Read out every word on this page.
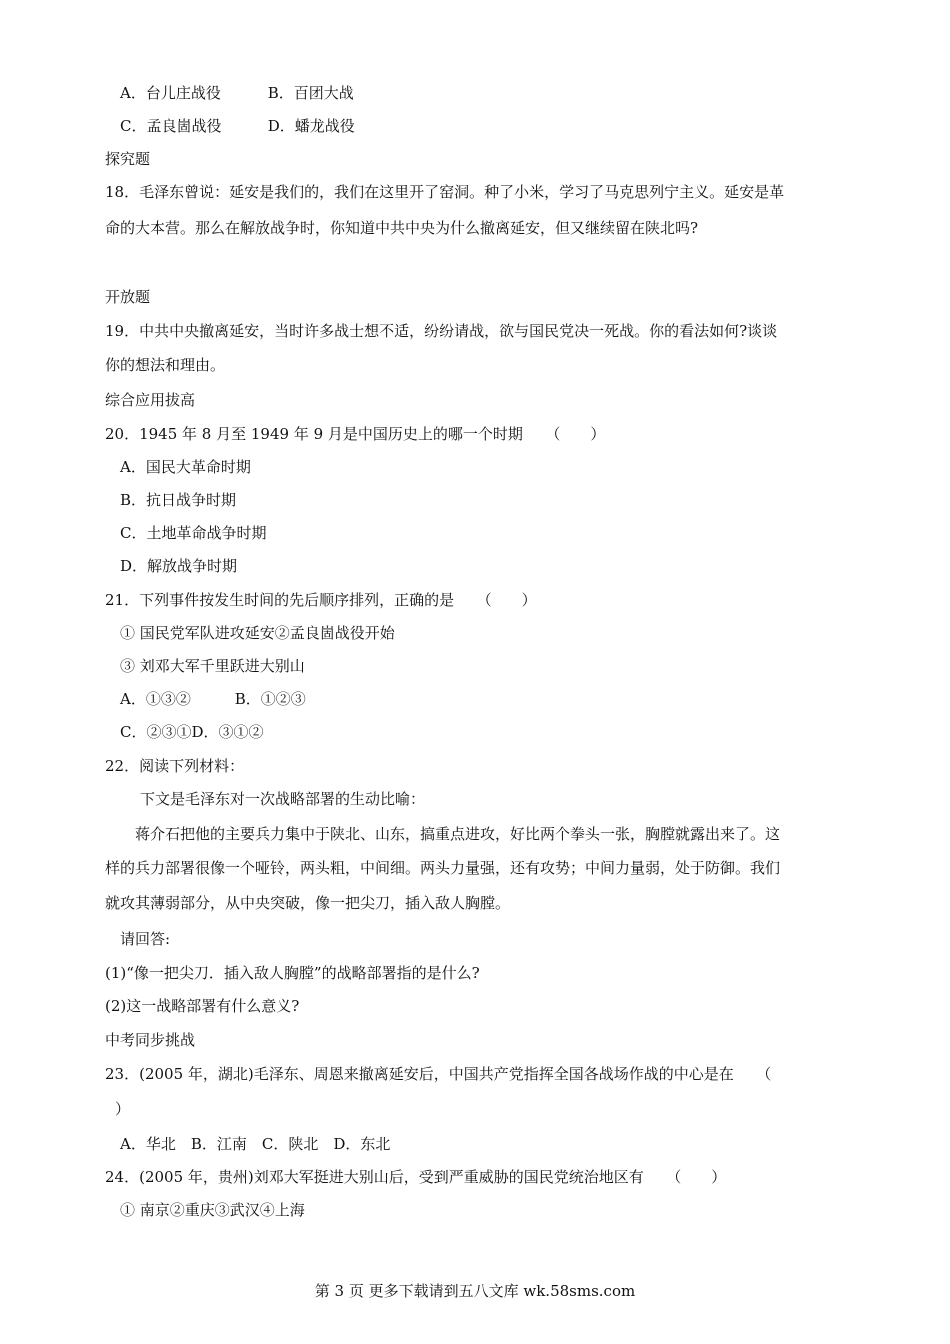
A．台儿庄战役	B．百团大战
C．孟良崮战役	D．蟠龙战役
探究题
18．毛泽东曾说：延安是我们的，我们在这里开了窑洞。种了小米，学习了马克思列宁主义。延安是革
命的大本营。那么在解放战争时，你知道中共中央为什么撤离延安，但又继续留在陕北吗?
开放题
19．中共中央撤离延安，当时许多战士想不适，纷纷请战，欲与国民党决一死战。你的看法如何?谈谈
你的想法和理由。
综合应用拔高
20．1945 年 8 月至 1949 年 9 月是中国历史上的哪一个时期　　（　　）
A．国民大革命时期
B．抗日战争时期
C．土地革命战争时期
D．解放战争时期
21．下列事件按发生时间的先后顺序排列，正确的是　　（　　）
① 国民党军队进攻延安②孟良崮战役开始
③ 刘邓大军千里跃进大别山
A．①③②	B．①②③
C．②③①D．③①②
22．阅读下列材料：
下文是毛泽东对一次战略部署的生动比喻：
蒋介石把他的主要兵力集中于陕北、山东，搞重点进攻，好比两个拳头一张，胸膛就露出来了。这
样的兵力部署很像一个哑铃，两头粗，中间细。两头力量强，还有攻势；中间力量弱，处于防御。我们
就攻其薄弱部分，从中央突破，像一把尖刀，插入敌人胸膛。
请回答:
(1)“像一把尖刀．插入敌人胸膛”的战略部署指的是什么?
(2)这一战略部署有什么意义?
中考同步挑战
23．(2005 年，湖北)毛泽东、周恩来撤离延安后，中国共产党指挥全国各战场作战的中心是在　　（
）
A．华北　B．江南　C．陕北　D．东北
24．(2005 年，贵州)刘邓大军挺进大别山后，受到严重威胁的国民党统治地区有　　（　　）
① 南京②重庆③武汉④上海
第 3 页 更多下载请到五八文库 wk.58sms.com
